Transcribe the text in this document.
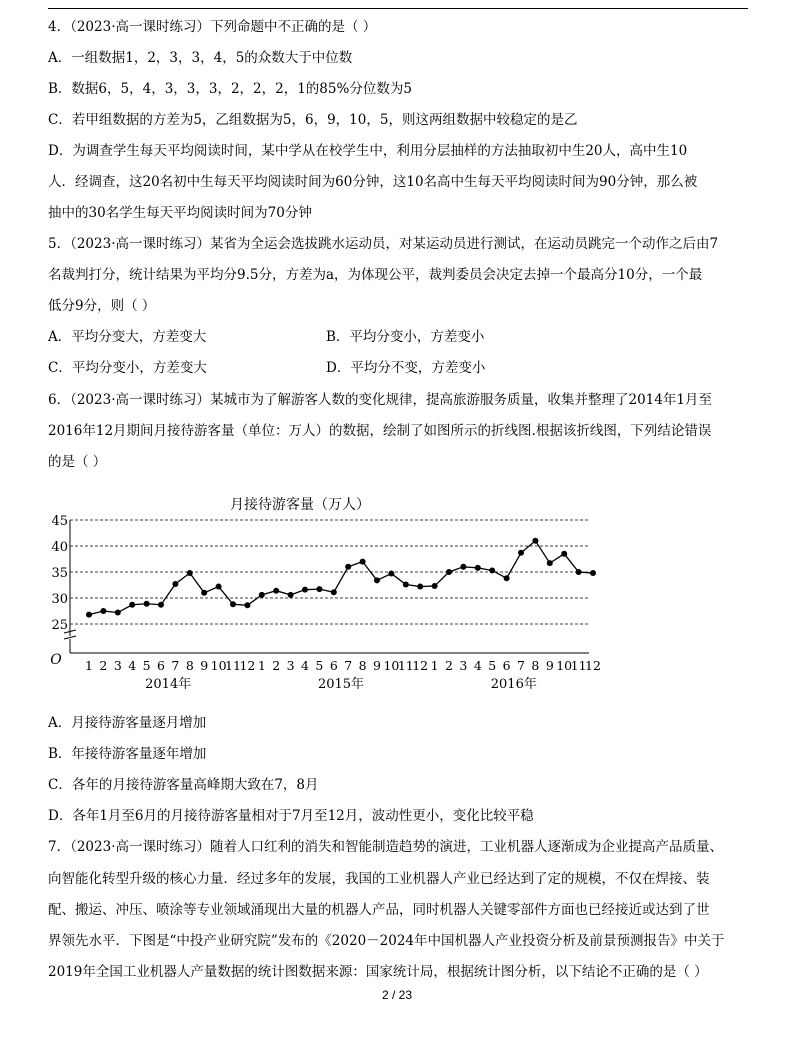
4．（2023·高一课时练习）下列命题中不正确的是（ ）
A．一组数据1，2，3，3，4，5的众数大于中位数
B．数据6，5，4，3，3，3，2，2，2，1的85%分位数为5
C．若甲组数据的方差为5，乙组数据为5，6，9，10，5，则这两组数据中较稳定的是乙
D．为调查学生每天平均阅读时间，某中学从在校学生中，利用分层抽样的方法抽取初中生20人，高中生10
人．经调查，这20名初中生每天平均阅读时间为60分钟，这10名高中生每天平均阅读时间为90分钟，那么被
抽中的30名学生每天平均阅读时间为70分钟
5．（2023·高一课时练习）某省为全运会选拔跳水运动员，对某运动员进行测试，在运动员跳完一个动作之后由7
名裁判打分，统计结果为平均分9.5分，方差为a，为体现公平，裁判委员会决定去掉一个最高分10分，一个最
低分9分，则（ ）
A．平均分变大，方差变大	B．平均分变小，方差变小
C．平均分变小，方差变大	D．平均分不变，方差变小
6．（2023·高一课时练习）某城市为了解游客人数的变化规律，提高旅游服务质量，收集并整理了2014年1月至
2016年12月期间月接待游客量（单位：万人）的数据，绘制了如图所示的折线图.根据该折线图，下列结论错误
的是（ ）
月接待游客量（万人）
25
30
35
40
45
1 2 3 4 5 6 7 8 9 10
11
12 1 2 3 4 5 6 7 8 9 10
11
12 1 2 3 4 5 6 7 8 9 10
11
12
2014年	2015年	2016年
O
A．月接待游客量逐月增加
B．年接待游客量逐年增加
C．各年的月接待游客量高峰期大致在7，8月
D．各年1月至6月的月接待游客量相对于7月至12月，波动性更小，变化比较平稳
7．（2023·高一课时练习）随着人口红利的消失和智能制造趋势的演进，工业机器人逐渐成为企业提高产品质量、
向智能化转型升级的核心力量．经过多年的发展，我国的工业机器人产业已经达到了定的规模，不仅在焊接、装
配、搬运、冲压、喷涂等专业领域涌现出大量的机器人产品，同时机器人关键零部件方面也已经接近或达到了世
界领先水平．下图是“中投产业研究院”发布的《2020－2024年中国机器人产业投资分析及前景预测报告》中关于
2019年全国工业机器人产量数据的统计图数据来源：国家统计局，根据统计图分析，以下结论不正确的是（ ）
2 / 23
